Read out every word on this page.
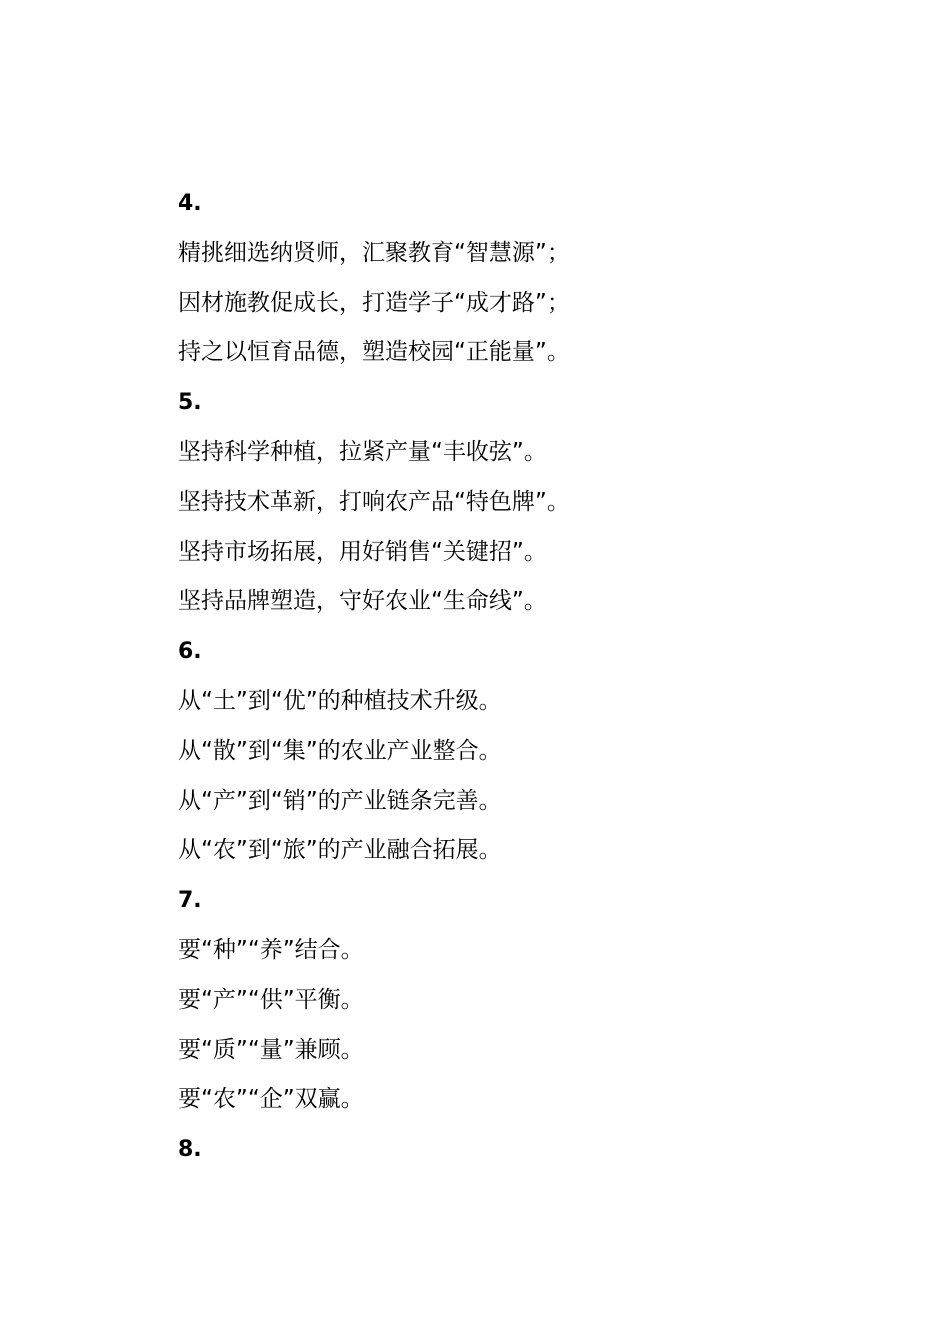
4.
精挑细选纳贤师，汇聚教育“智慧源”；
因材施教促成长，打造学子“成才路”；
持之以恒育品德，塑造校园“正能量”。
5.
坚持科学种植，拉紧产量“丰收弦”。
坚持技术革新，打响农产品“特色牌”。
坚持市场拓展，用好销售“关键招”。
坚持品牌塑造，守好农业“生命线”。
6.
从“土”到“优”的种植技术升级。
从“散”到“集”的农业产业整合。
从“产”到“销”的产业链条完善。
从“农”到“旅”的产业融合拓展。
7.
要“种”“养”结合。
要“产”“供”平衡。
要“质”“量”兼顾。
要“农”“企”双赢。
8.
